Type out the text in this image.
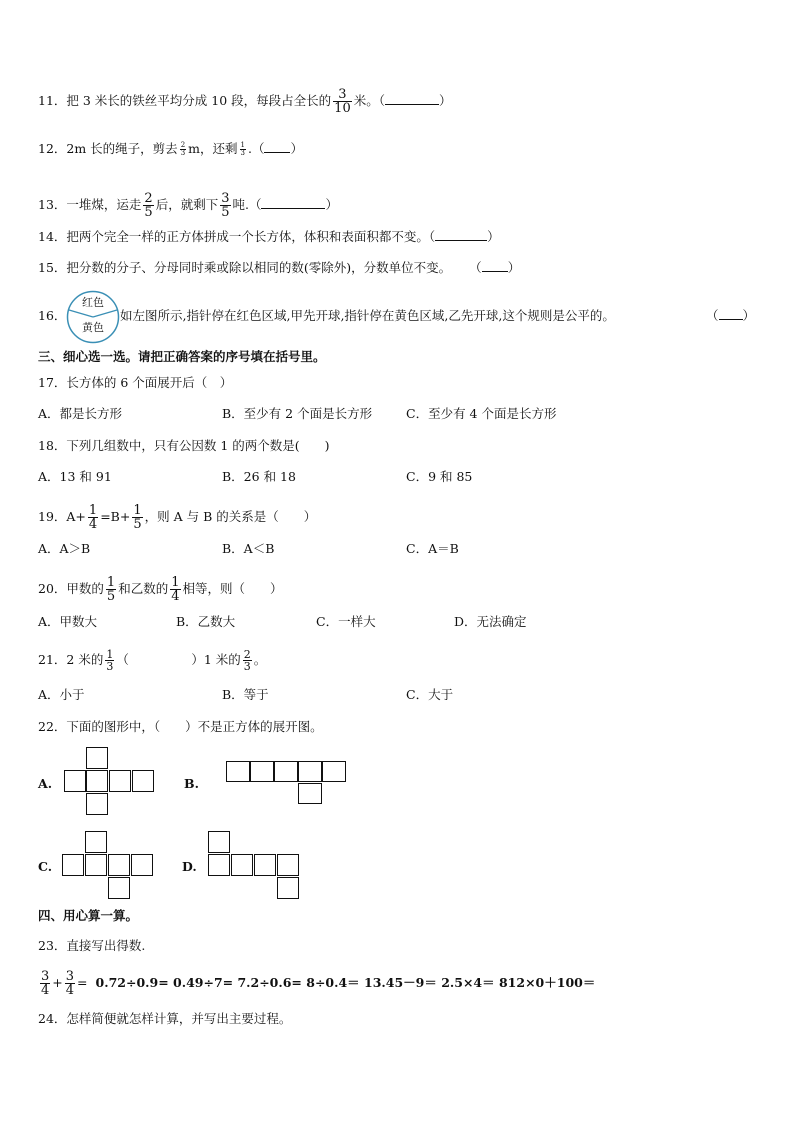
11．把 3 米长的铁丝平均分成 10 段，每段占全长的 $\frac{3}{10}$ 米。（	）
12．2m 长的绳子，剪去 $\frac{2}{3}$ m，还剩 $\frac{1}{3}$ .（ ）
13．一堆煤，运走 $\frac{2}{5}$ 后，就剩下 $\frac{3}{5}$ 吨.（	）
14．把两个完全一样的正方体拼成一个长方体，体积和表面积都不变。（	）
15．把分数的分子、分母同时乘或除以相同的数(零除外)，分数单位不变。 （ ）
16．
红色
黄色
如左图所示,指针停在红色区域,甲先开球,指针停在黄色区域,乙先开球,这个规则是公平的。	（ ）
三、细心选一选。请把正确答案的序号填在括号里。
17．长方体的 6 个面展开后（　）
A．都是长方形	B．至少有 2 个面是长方形	C．至少有 4 个面是长方形
18．下列几组数中，只有公因数 1 的两个数是(　　)
A．13 和 91	B．26 和 18	C．9 和 85
19．$A+ \frac{1}{4} =B+ \frac{1}{5}$ ，则 A 与 B 的关系是（　　）
A．A＞B	B．A＜B	C．A＝B
20．甲数的 $\frac{1}{5}$ 和乙数的 $\frac{1}{4}$ 相等，则（　　）
A．甲数大	B．乙数大	C．一样大	D．无法确定
21．2 米的 $\frac{1}{3}$ （　　　　　）1 米的 $\frac{2}{3}$ 。
A．小于	B．等于	C．大于
22．下面的图形中，（　　）不是正方体的展开图。
A.	B.
C.	D.
四、用心算一算。
23．直接写出得数.
$\frac{3}{4} + \frac{3}{4} = 0.72\div 0.9= 0.49\div 7= 7.2\div 0.6= 8\div 0.4= 13.45-9= 2.5\times 4= 812\times 0+100=$
24．怎样简便就怎样计算，并写出主要过程。
